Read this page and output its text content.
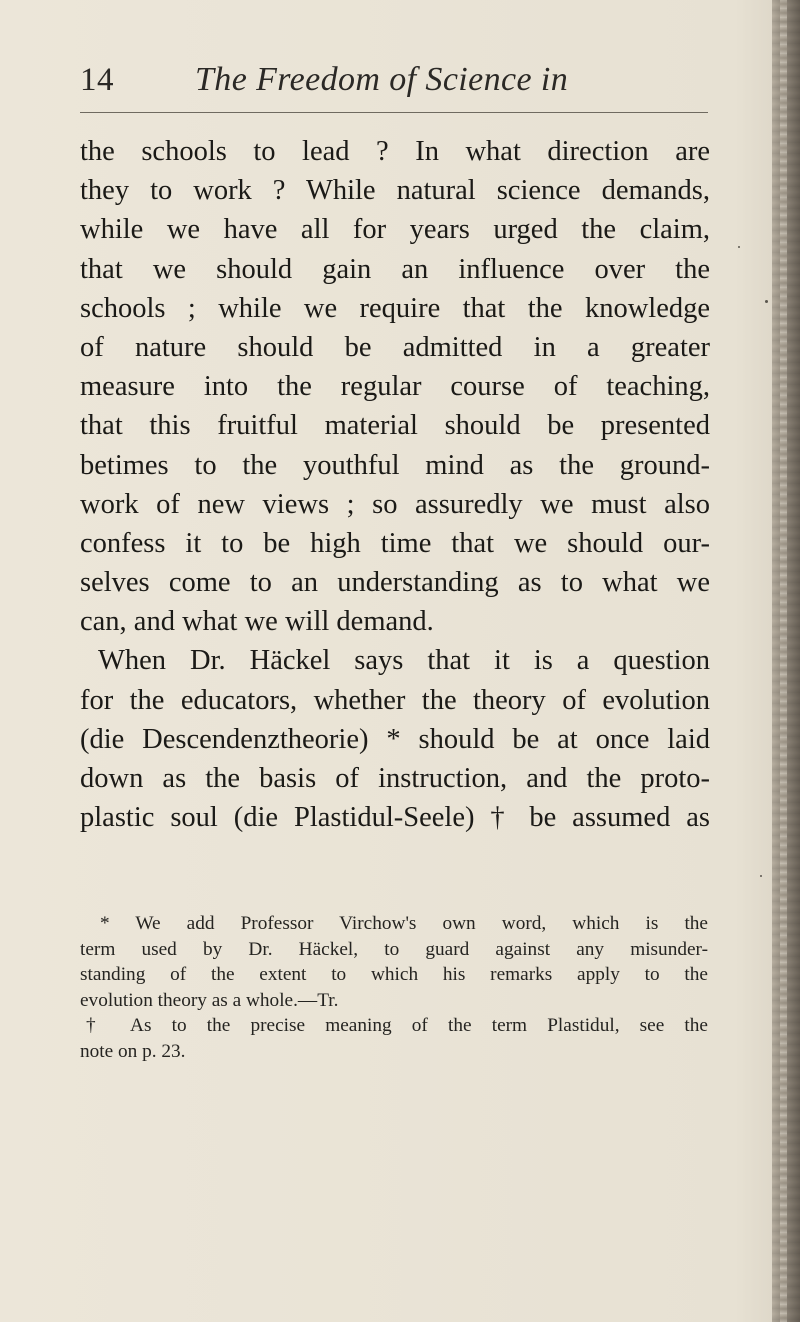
14 The Freedom of Science in
the schools to lead ? In what direction are
they to work ? While natural science demands,
while we have all for years urged the claim,
that we should gain an influence over the
schools ; while we require that the knowledge
of nature should be admitted in a greater
measure into the regular course of teaching,
that this fruitful material should be presented
betimes to the youthful mind as the ground-
work of new views ; so assuredly we must also
confess it to be high time that we should our-
selves come to an understanding as to what we
can, and what we will demand.
When Dr. Häckel says that it is a question
for the educators, whether the theory of evolution
(die Descendenztheorie) * should be at once laid
down as the basis of instruction, and the proto-
plastic soul (die Plastidul-Seele) † be assumed as
* We add Professor Virchow's own word, which is the
term used by Dr. Häckel, to guard against any misunder-
standing of the extent to which his remarks apply to the
evolution theory as a whole.—Tr.
† As to the precise meaning of the term Plastidul, see the
note on p. 23.
